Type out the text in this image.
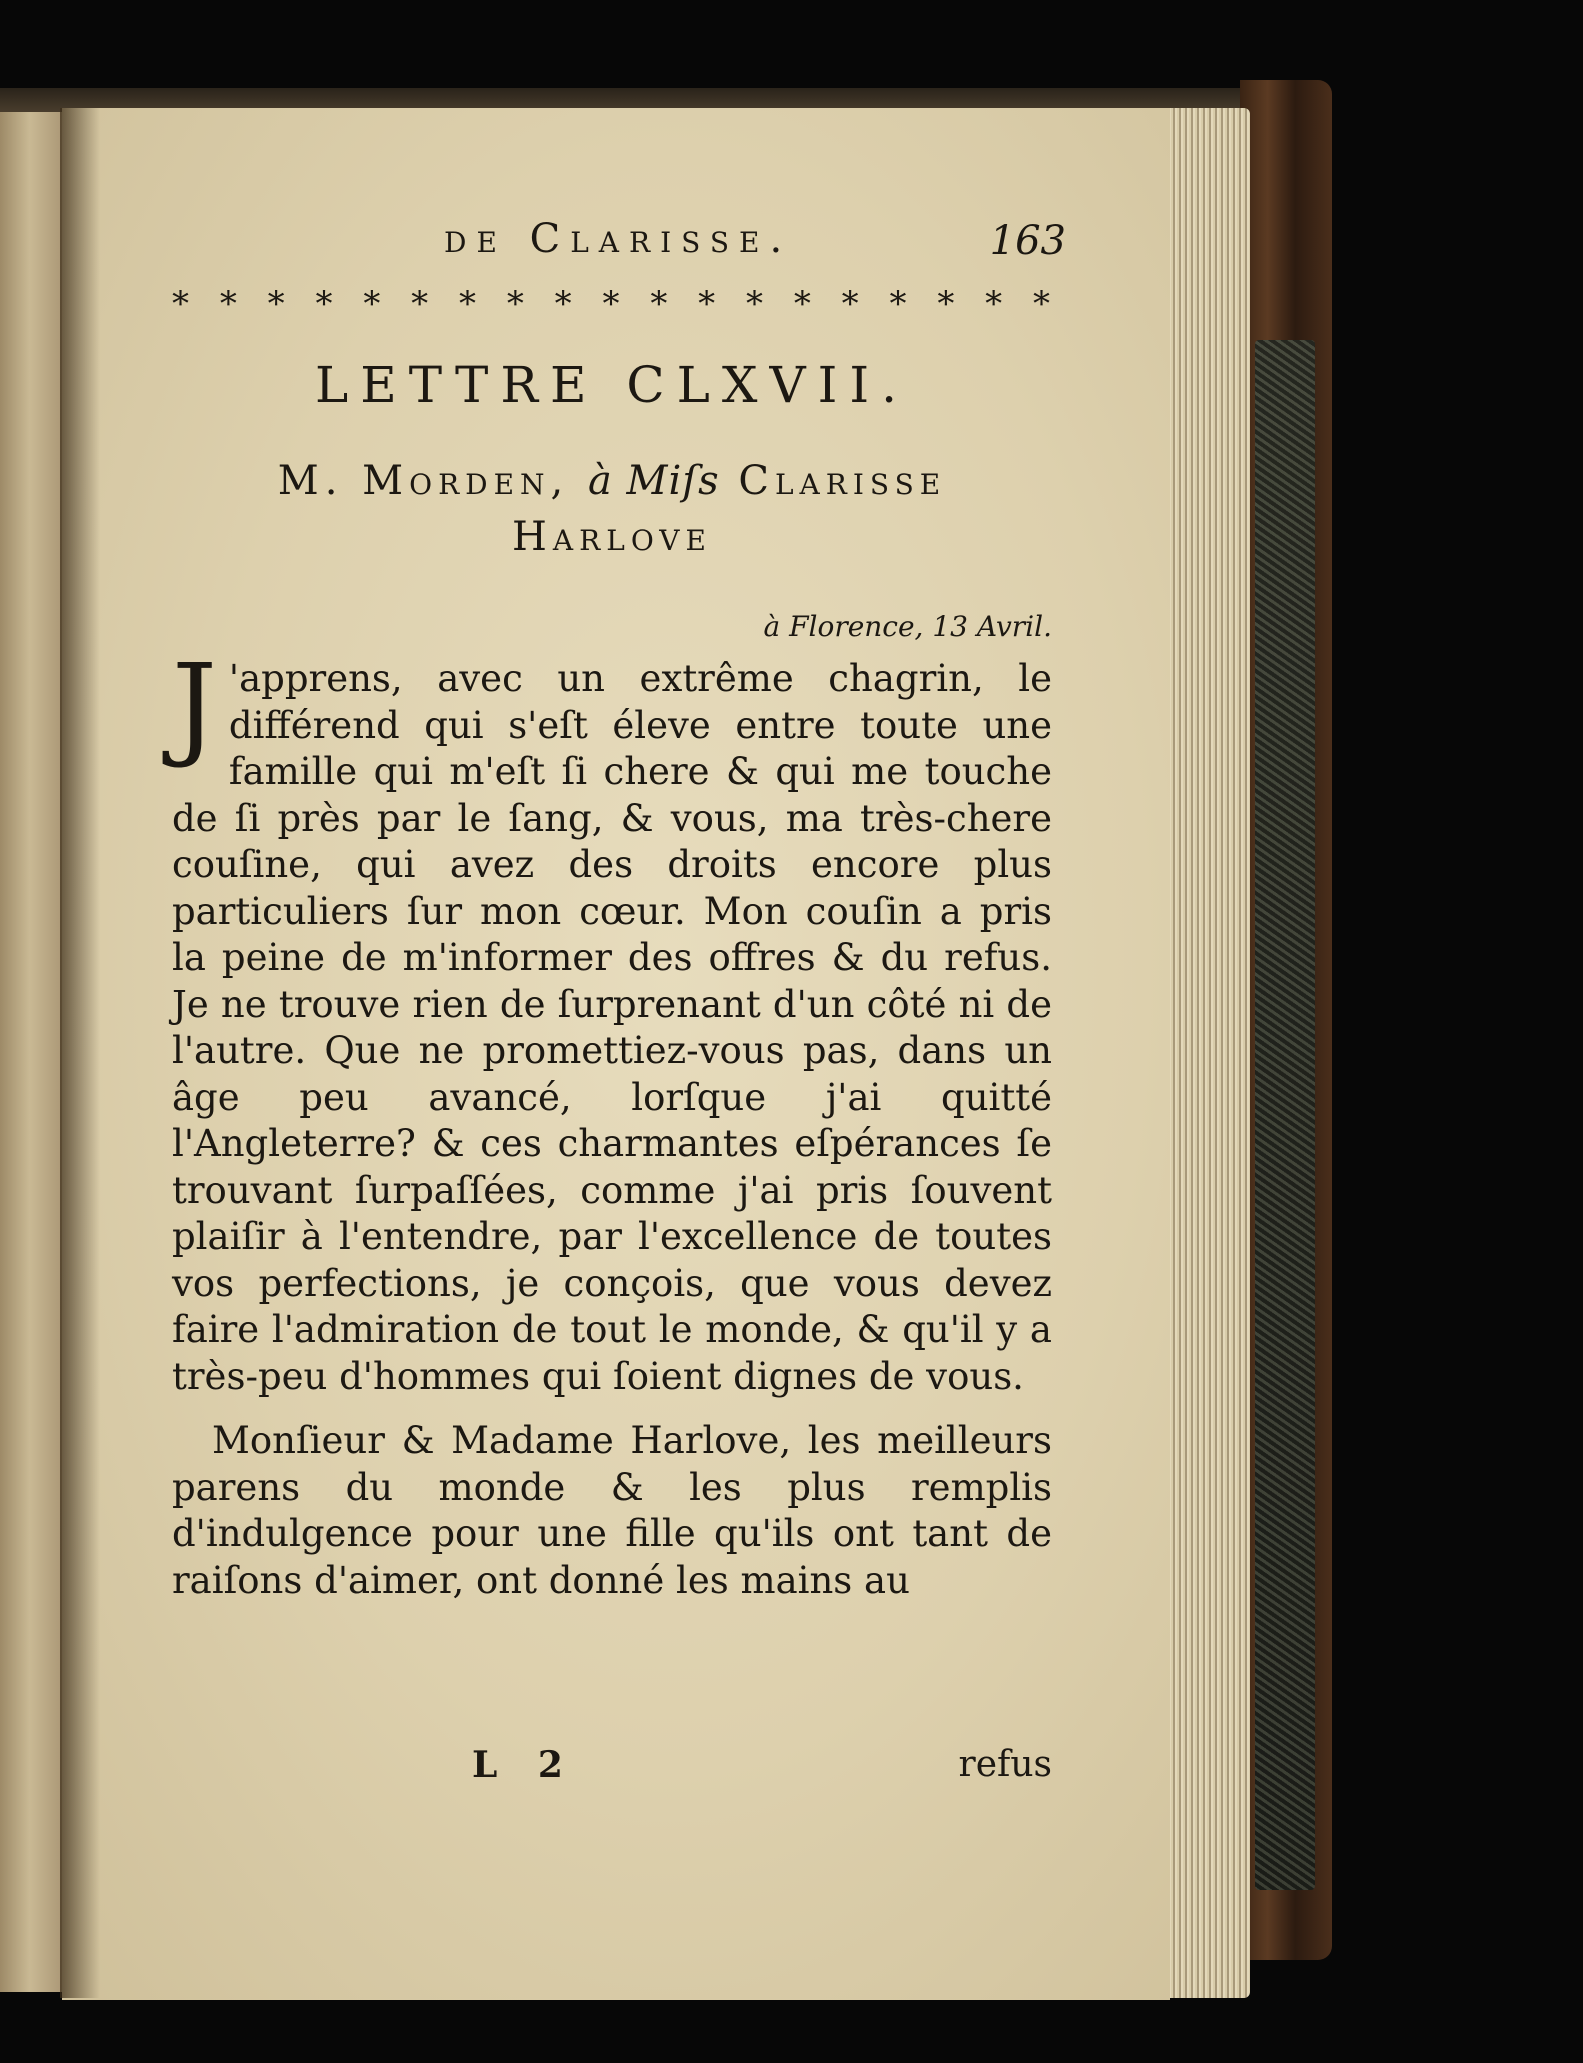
de Clarisse.	163
* * * * * * * * * * * * * * * * * * *
LETTRE CLXVII.
M. Morden, à Miſs Clarisse
Harlove
à Florence, 13 Avril.

J 'apprens, avec un extrême chagrin, le différend qui s'eſt éleve entre toute une famille qui m'eſt ſi chere & qui me touche de ſi près par le ſang, & vous, ma très-chere couſine, qui avez des droits encore plus particuliers ſur mon cœur. Mon couſin a pris la peine de m'informer des offres & du refus. Je ne trouve rien de ſurprenant d'un côté ni de l'autre. Que ne promettiez-vous pas, dans un âge peu avancé, lorſque j'ai quitté l'Angleterre? & ces charmantes eſpérances ſe trouvant ſurpaſſées, comme j'ai pris ſouvent plaiſir à l'entendre, par l'excellence de toutes vos perfections, je conçois, que vous devez faire l'admiration de tout le monde, & qu'il y a très-peu d'hommes qui ſoient dignes de vous.

Monſieur & Madame Harlove, les meilleurs parens du monde & les plus remplis d'indulgence pour une fille qu'ils ont tant de raiſons d'aimer, ont donné les mains au

L 2	refus
